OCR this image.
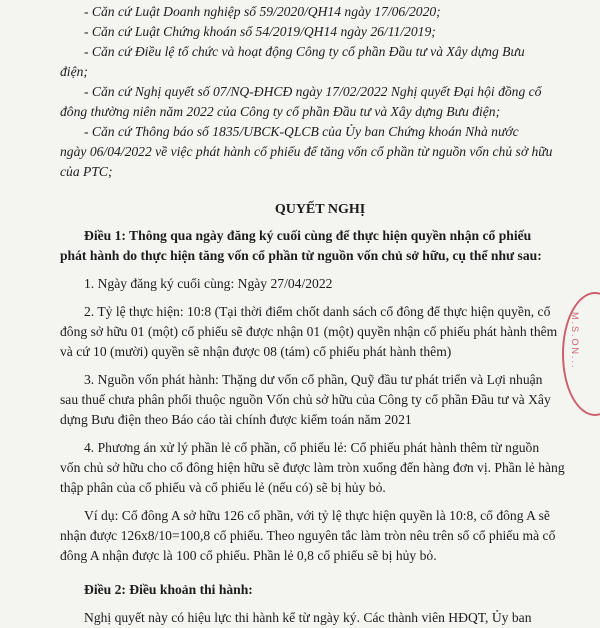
- Căn cứ Luật Doanh nghiệp số 59/2020/QH14 ngày 17/06/2020;
- Căn cứ Luật Chứng khoán số 54/2019/QH14 ngày 26/11/2019;
- Căn cứ Điều lệ tổ chức và hoạt động Công ty cổ phần Đầu tư và Xây dựng Bưu
điện;
- Căn cứ Nghị quyết số 07/NQ-ĐHCĐ ngày 17/02/2022 Nghị quyết Đại hội đồng cổ
đông thường niên năm 2022 của Công ty cổ phần Đầu tư và Xây dựng Bưu điện;
- Căn cứ Thông báo số 1835/UBCK-QLCB của Ủy ban Chứng khoán Nhà nước
ngày 06/04/2022 về việc phát hành cổ phiếu để tăng vốn cổ phần từ nguồn vốn chủ sở hữu
của PTC;
QUYẾT NGHỊ
Điều 1: Thông qua ngày đăng ký cuối cùng để thực hiện quyền nhận cổ phiếu
phát hành do thực hiện tăng vốn cổ phần từ nguồn vốn chủ sở hữu, cụ thể như sau:
1. Ngày đăng ký cuối cùng: Ngày 27/04/2022
2. Tỷ lệ thực hiện: 10:8 (Tại thời điểm chốt danh sách cổ đông để thực hiện quyền, cổ
đông sở hữu 01 (một) cổ phiếu sẽ được nhận 01 (một) quyền nhận cổ phiếu phát hành thêm
và cứ 10 (mười) quyền sẽ nhận được 08 (tám) cổ phiếu phát hành thêm)
3. Nguồn vốn phát hành: Thặng dư vốn cổ phần, Quỹ đầu tư phát triển và Lợi nhuận
sau thuế chưa phân phối thuộc nguồn Vốn chủ sở hữu của Công ty cổ phần Đầu tư và Xây
dựng Bưu điện theo Báo cáo tài chính được kiểm toán năm 2021
4. Phương án xử lý phần lẻ cổ phần, cổ phiếu lẻ: Cổ phiếu phát hành thêm từ nguồn
vốn chủ sở hữu cho cổ đông hiện hữu sẽ được làm tròn xuống đến hàng đơn vị. Phần lẻ hàng
thập phân của cổ phiếu và cổ phiếu lẻ (nếu có) sẽ bị hủy bỏ.
Ví dụ: Cổ đông A sở hữu 126 cổ phần, với tỷ lệ thực hiện quyền là 10:8, cổ đông A sẽ
nhận được 126x8/10=100,8 cổ phiếu. Theo nguyên tắc làm tròn nêu trên số cổ phiếu mà cổ
đông A nhận được là 100 cổ phiếu. Phần lẻ 0,8 cổ phiếu sẽ bị hủy bỏ.
Điều 2: Điều khoản thi hành:
Nghị quyết này có hiệu lực thi hành kể từ ngày ký. Các thành viên HĐQT, Ủy ban
M.S.ON...
